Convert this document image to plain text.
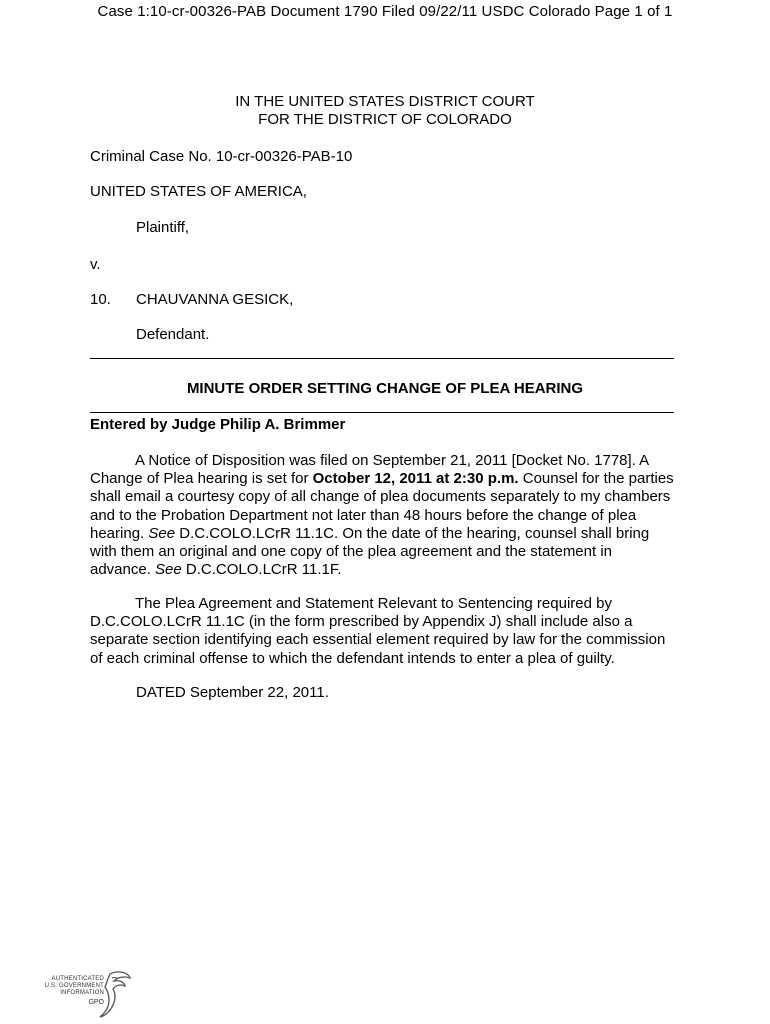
Case 1:10-cr-00326-PAB Document 1790 Filed 09/22/11 USDC Colorado Page 1 of 1
IN THE UNITED STATES DISTRICT COURT
FOR THE DISTRICT OF COLORADO
Criminal Case No. 10-cr-00326-PAB-10
UNITED STATES OF AMERICA,
Plaintiff,
v.
10. CHAUVANNA GESICK,
Defendant.
MINUTE ORDER SETTING CHANGE OF PLEA HEARING
Entered by Judge Philip A. Brimmer
A Notice of Disposition was filed on September 21, 2011 [Docket No. 1778]. A Change of Plea hearing is set for October 12, 2011 at 2:30 p.m. Counsel for the parties shall email a courtesy copy of all change of plea documents separately to my chambers and to the Probation Department not later than 48 hours before the change of plea hearing. See D.C.COLO.LCrR 11.1C. On the date of the hearing, counsel shall bring with them an original and one copy of the plea agreement and the statement in advance. See D.C.COLO.LCrR 11.1F.
The Plea Agreement and Statement Relevant to Sentencing required by D.C.COLO.LCrR 11.1C (in the form prescribed by Appendix J) shall include also a separate section identifying each essential element required by law for the commission of each criminal offense to which the defendant intends to enter a plea of guilty.
DATED September 22, 2011.
AUTHENTICATED
U.S. GOVERNMENT
INFORMATION
GPO
